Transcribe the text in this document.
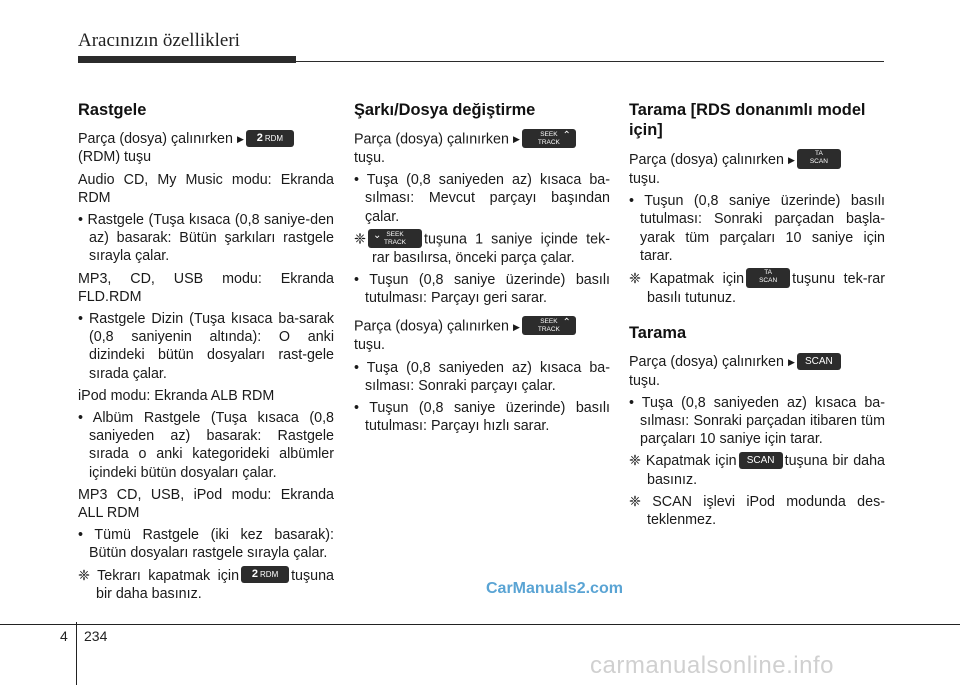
Aracınızın özellikleri
Rastgele

Parça (dosya) çalınırken ▶ 2 RDM
(RDM) tuşu

Audio CD, My Music modu: Ekranda RDM

• Rastgele (Tuşa kısaca (0,8 saniye-den az) basarak: Bütün şarkıları rastgele sırayla çalar.

MP3, CD, USB modu: Ekranda FLD.RDM

• Rastgele Dizin (Tuşa kısaca ba-sarak (0,8 saniyenin altında): O anki dizindeki bütün dosyaları rast-gele sırada çalar.

iPod modu: Ekranda ALB RDM

• Albüm Rastgele (Tuşa kısaca (0,8 saniyeden az) basarak: Rastgele sırada o anki kategorideki albümler içindeki bütün dosyaları çalar.

MP3 CD, USB, iPod modu: Ekranda ALL RDM

• Tümü Rastgele (iki kez basarak): Bütün dosyaları rastgele sırayla çalar.

❈ Tekrarı kapatmak için 2 RDM tuşuna bir daha basınız.

Şarkı/Dosya değiştirme

Parça (dosya) çalınırken ▶	⌃
SEEK
TRACK
tuşu.

• Tuşa (0,8 saniyeden az) kısaca ba-sılması: Mevcut parçayı başından çalar.

❈ ⌄ SEEK
TRACK tuşuna 1 saniye içinde tek-rar basılırsa, önceki parça çalar.

• Tuşun (0,8 saniye üzerinde) basılı tutulması: Parçayı geri sarar.

Parça (dosya) çalınırken ▶	⌃
SEEK
TRACK
tuşu.

• Tuşa (0,8 saniyeden az) kısaca ba-sılması: Sonraki parçayı çalar.

• Tuşun (0,8 saniye üzerinde) basılı tutulması: Parçayı hızlı sarar.

Tarama [RDS donanımlı model için]

Parça (dosya) çalınırken ▶
TA
SCAN
tuşu.

• Tuşun (0,8 saniye üzerinde) basılı tutulması: Sonraki parçadan başla-yarak tüm parçaları 10 saniye için tarar.

❈ Kapatmak için	TA
SCAN tuşunu tek-rar basılı tutunuz.

Tarama

Parça (dosya) çalınırken ▶ SCAN
tuşu.

• Tuşa (0,8 saniyeden az) kısaca ba-sılması: Sonraki parçadan itibaren tüm parçaları 10 saniye için tarar.

❈ Kapatmak için SCAN tuşuna bir daha basınız.

❈ SCAN işlevi iPod modunda des-teklenmez.

CarManuals2.com
4 234
carmanualsonline.info
